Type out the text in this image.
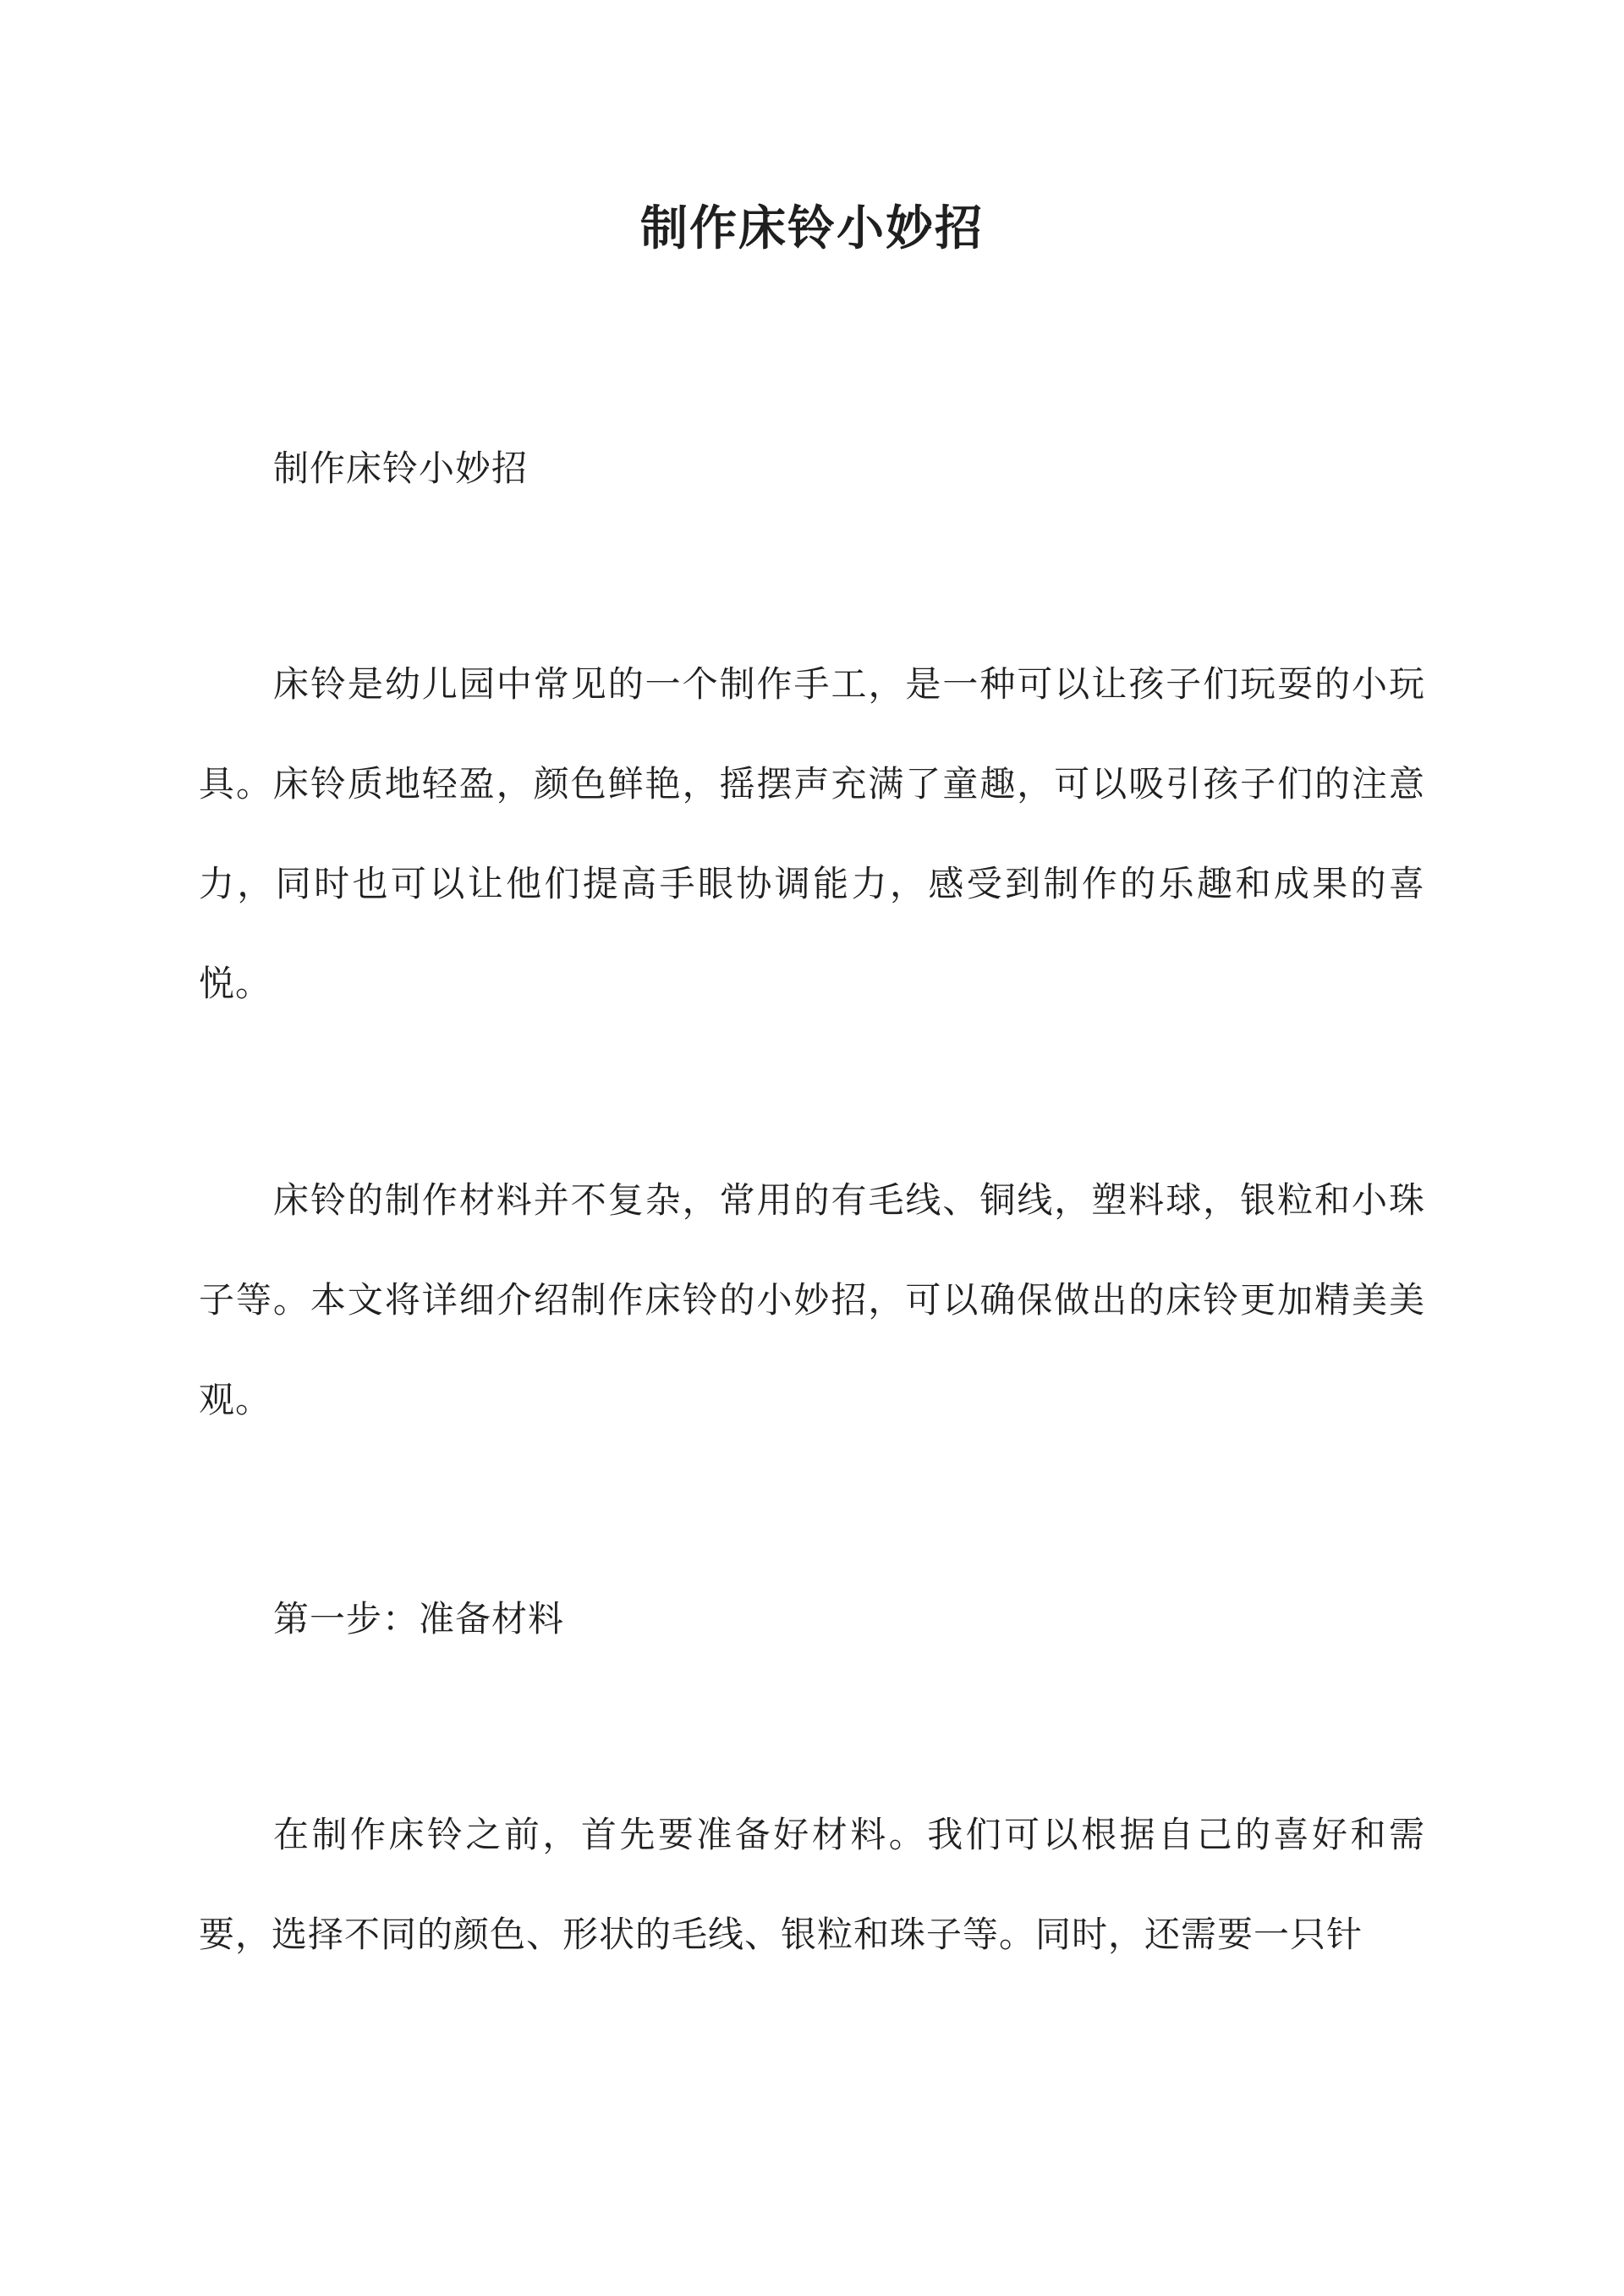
制作床铃小妙招

制作床铃小妙招

床铃是幼儿园中常见的一个制作手工，是一种可以让孩子们玩耍的小玩具。床铃质地轻盈，颜色鲜艳，摇摆声充满了童趣，可以吸引孩子们的注意力，同时也可以让他们提高手眼协调能力，感受到制作的乐趣和成果的喜悦。

床铃的制作材料并不复杂，常用的有毛线、铜线，塑料球，银粒和小珠子等。本文将详细介绍制作床铃的小妙招，可以确保做出的床铃更加精美美观。

第一步：准备材料

在制作床铃之前，首先要准备好材料。我们可以根据自己的喜好和需要，选择不同的颜色、形状的毛线、银粒和珠子等。同时，还需要一只针
